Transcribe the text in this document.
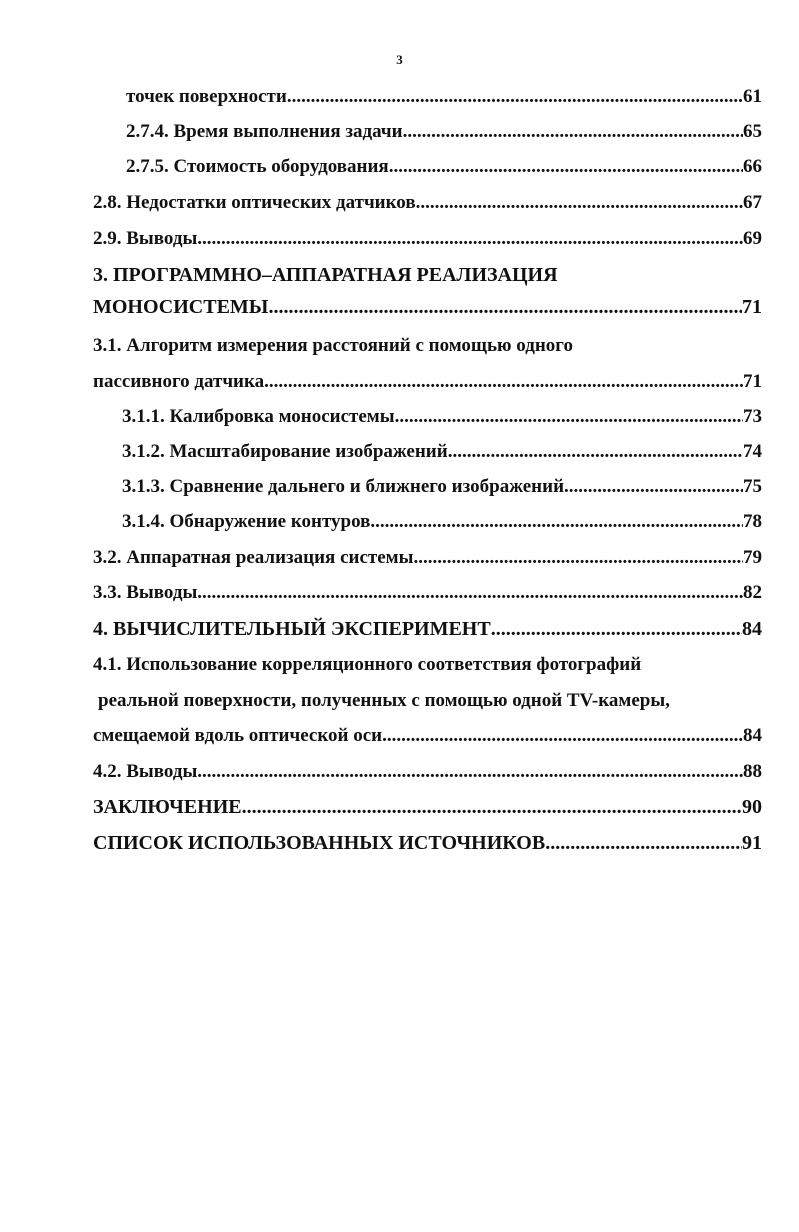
3
точек поверхности .....	61
2.7.4. Время выполнения задачи .....	65
2.7.5. Стоимость оборудования .....	66
2.8. Недостатки оптических датчиков .....	67
2.9. Выводы .....	69
3. ПРОГРАММНО–АППАРАТНАЯ РЕАЛИЗАЦИЯ
МОНОСИСТЕМЫ .....	71
3.1. Алгоритм измерения расстояний с помощью одного
пассивного датчика .....	71
3.1.1. Калибровка моносистемы .....	73
3.1.2. Масштабирование изображений .....	74
3.1.3. Сравнение дальнего и ближнего изображений .....	75
3.1.4. Обнаружение контуров .....	78
3.2. Аппаратная реализация системы .....	79
3.3. Выводы .....	82
4. ВЫЧИСЛИТЕЛЬНЫЙ ЭКСПЕРИМЕНТ .....	84
4.1. Использование корреляционного соответствия фотографий
реальной поверхности, полученных с помощью одной TV-камеры,
смещаемой вдоль оптической оси .....	84
4.2. Выводы .....	88
ЗАКЛЮЧЕНИЕ .....	90
СПИСОК ИСПОЛЬЗОВАННЫХ ИСТОЧНИКОВ .....	91
